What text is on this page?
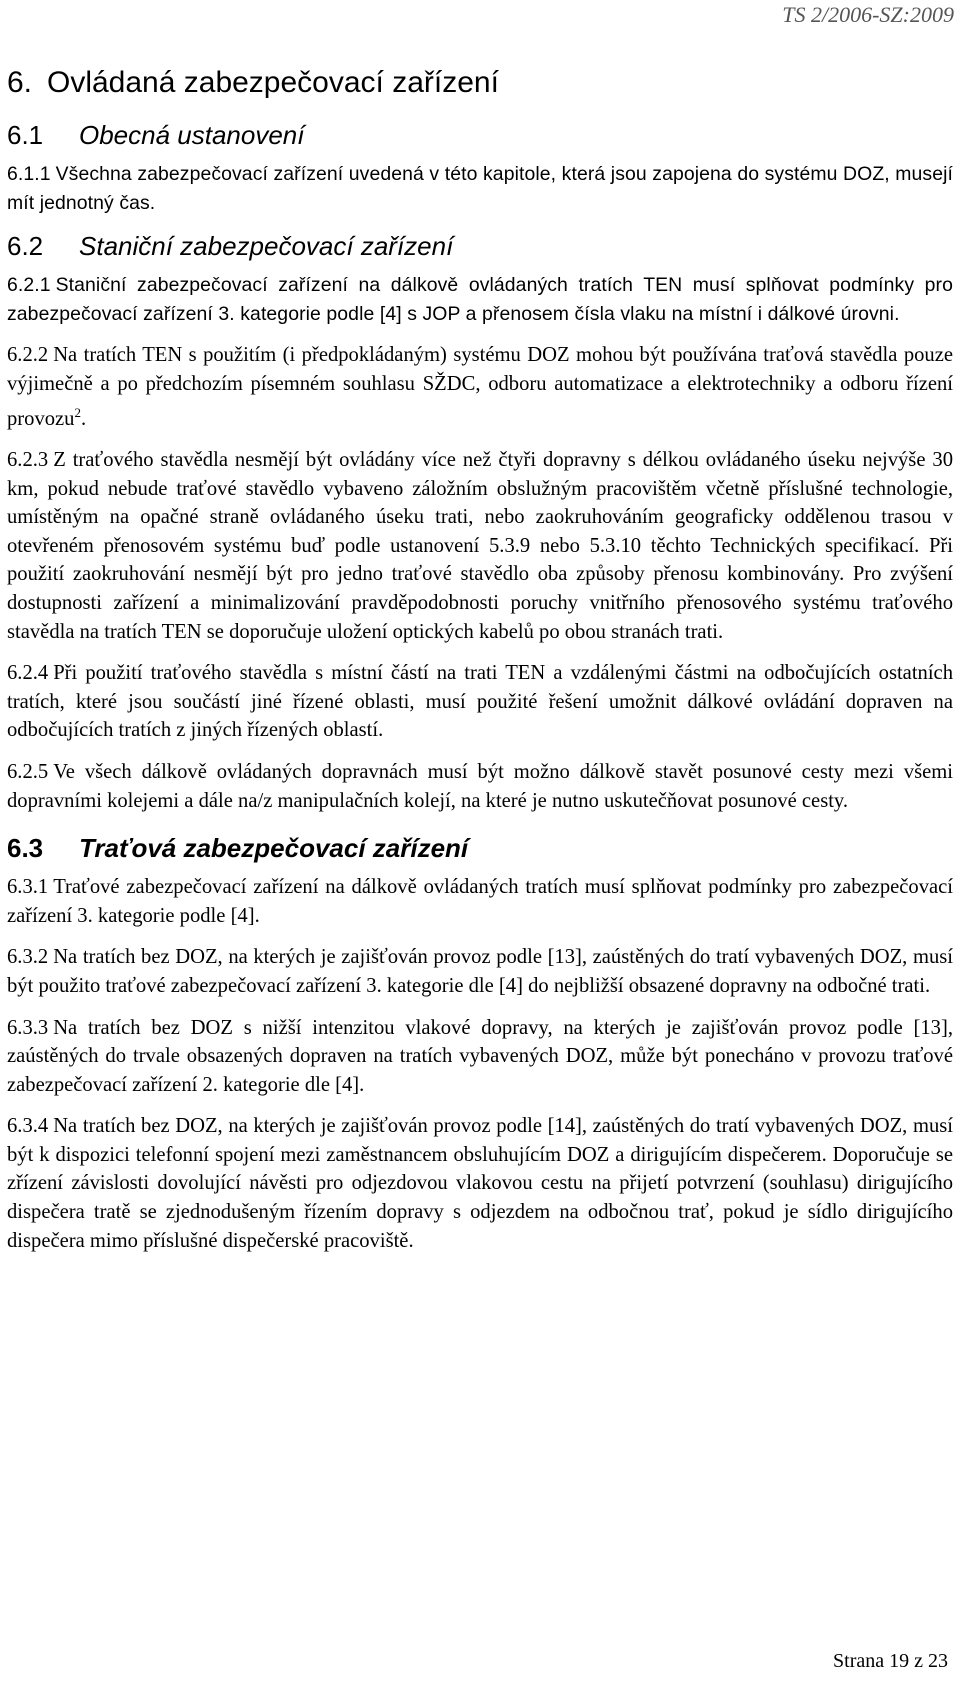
TS 2/2006-SZ:2009
6. Ovládaná zabezpečovací zařízení
6.1 Obecná ustanovení
6.1.1 Všechna zabezpečovací zařízení uvedená v této kapitole, která jsou zapojena do systému DOZ, musejí mít jednotný čas.
6.2 Staniční zabezpečovací zařízení
6.2.1 Staniční zabezpečovací zařízení na dálkově ovládaných tratích TEN musí splňovat podmínky pro zabezpečovací zařízení 3. kategorie podle [4] s JOP a přenosem čísla vlaku na místní i dálkové úrovni.
6.2.2 Na tratích TEN s použitím (i předpokládaným) systému DOZ mohou být používána traťová stavědla pouze výjimečně a po předchozím písemném souhlasu SŽDC, odboru automatizace a elektrotechniky a odboru řízení provozu$^2$.
6.2.3 Z traťového stavědla nesmějí být ovládány více než čtyři dopravny s délkou ovládaného úseku nejvýše 30 km, pokud nebude traťové stavědlo vybaveno záložním obslužným pracovištěm včetně příslušné technologie, umístěným na opačné straně ovládaného úseku trati, nebo zaokruhováním geograficky oddělenou trasou v otevřeném přenosovém systému buď podle ustanovení 5.3.9 nebo 5.3.10 těchto Technických specifikací. Při použití zaokruhování nesmějí být pro jedno traťové stavědlo oba způsoby přenosu kombinovány. Pro zvýšení dostupnosti zařízení a minimalizování pravděpodobnosti poruchy vnitřního přenosového systému traťového stavědla na tratích TEN se doporučuje uložení optických kabelů po obou stranách trati.
6.2.4 Při použití traťového stavědla s místní částí na trati TEN a vzdálenými částmi na odbočujících ostatních tratích, které jsou součástí jiné řízené oblasti, musí použité řešení umožnit dálkové ovládání dopraven na odbočujících tratích z jiných řízených oblastí.
6.2.5 Ve všech dálkově ovládaných dopravnách musí být možno dálkově stavět posunové cesty mezi všemi dopravními kolejemi a dále na/z manipulačních kolejí, na které je nutno uskutečňovat posunové cesty.
6.3 Traťová zabezpečovací zařízení
6.3.1 Traťové zabezpečovací zařízení na dálkově ovládaných tratích musí splňovat podmínky pro zabezpečovací zařízení 3. kategorie podle [4].
6.3.2 Na tratích bez DOZ, na kterých je zajišťován provoz podle [13], zaústěných do tratí vybavených DOZ, musí být použito traťové zabezpečovací zařízení 3. kategorie dle [4] do nejbližší obsazené dopravny na odbočné trati.
6.3.3 Na tratích bez DOZ s nižší intenzitou vlakové dopravy, na kterých je zajišťován provoz podle [13], zaústěných do trvale obsazených dopraven na tratích vybavených DOZ, může být ponecháno v provozu traťové zabezpečovací zařízení 2. kategorie dle [4].
6.3.4 Na tratích bez DOZ, na kterých je zajišťován provoz podle [14], zaústěných do tratí vybavených DOZ, musí být k dispozici telefonní spojení mezi zaměstnancem obsluhujícím DOZ a dirigujícím dispečerem. Doporučuje se zřízení závislosti dovolující návěsti pro odjezdovou vlakovou cestu na přijetí potvrzení (souhlasu) dirigujícího dispečera tratě se zjednodušeným řízením dopravy s odjezdem na odbočnou trať, pokud je sídlo dirigujícího dispečera mimo příslušné dispečerské pracoviště.
Strana 19 z 23
